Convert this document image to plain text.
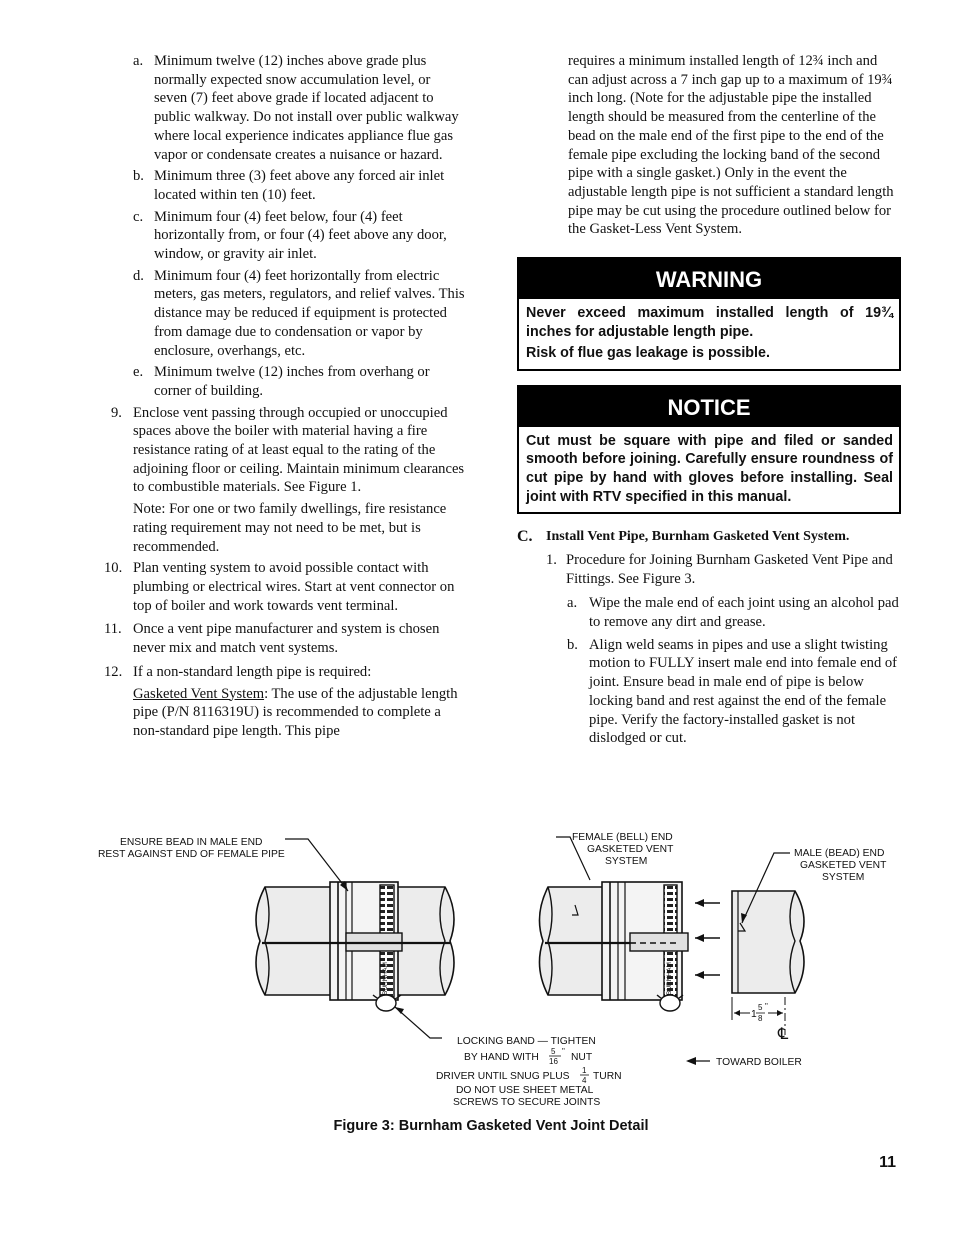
a. Minimum twelve (12) inches above grade plus normally expected snow accumulation level, or seven (7) feet above grade if located adjacent to public walkway. Do not install over public walkway where local experience indicates appliance flue gas vapor or condensate creates a nuisance or hazard.
b. Minimum three (3) feet above any forced air inlet located within ten (10) feet.
c. Minimum four (4) feet below, four (4) feet horizontally from, or four (4) feet above any door, window, or gravity air inlet.
d. Minimum four (4) feet horizontally from electric meters, gas meters, regulators, and relief valves. This distance may be reduced if equipment is protected from damage due to condensation or vapor by enclosure, overhangs, etc.
e. Minimum twelve (12) inches from overhang or corner of building.
9. Enclose vent passing through occupied or unoccupied spaces above the boiler with material having a fire resistance rating of at least equal to the rating of the adjoining floor or ceiling. Maintain minimum clearances to combustible materials. See Figure 1.
Note: For one or two family dwellings, fire resistance rating requirement may not need to be met, but is recommended.
10. Plan venting system to avoid possible contact with plumbing or electrical wires. Start at vent connector on top of boiler and work towards vent terminal.
11. Once a vent pipe manufacturer and system is chosen never mix and match vent systems.
12. If a non-standard length pipe is required:
Gasketed Vent System: The use of the adjustable length pipe (P/N 8116319U) is recommended to complete a non-standard pipe length. This pipe
requires a minimum installed length of 12¾ inch and can adjust across a 7 inch gap up to a maximum of 19¾ inch long. (Note for the adjustable pipe the installed length should be measured from the centerline of the bead on the male end of the first pipe to the end of the female pipe excluding the locking band of the second pipe with a single gasket.) Only in the event the adjustable length pipe is not sufficient a standard length pipe may be cut using the procedure outlined below for the Gasket-Less Vent System.
WARNING

Never exceed maximum installed length of 19¾ inches for adjustable length pipe.

Risk of flue gas leakage is possible.

NOTICE

Cut must be square with pipe and filed or sanded smooth before joining. Carefully ensure roundness of cut pipe by hand with gloves before installing. Seal joint with RTV specified in this manual.

C. Install Vent Pipe, Burnham Gasketed Vent System.
1. Procedure for Joining Burnham Gasketed Vent Pipe and Fittings. See Figure 3.
a. Wipe the male end of each joint using an alcohol pad to remove any dirt and grease.
b. Align weld seams in pipes and use a slight twisting motion to FULLY insert male end into female end of joint. Ensure bead in male end of pipe is below locking band and rest against the end of the female pipe. Verify the factory-installed gasket is not dislodged or cut.
ENSURE BEAD IN MALE END
REST AGAINST END OF FEMALE PIPE
FEMALE (BELL) END
GASKETED VENT
SYSTEM
MALE (BEAD) END
GASKETED VENT
SYSTEM
1
5
8
"
℄
LOCKING BAND — TIGHTEN
BY HAND WITH
5
16
"
NUT
DRIVER UNTIL SNUG PLUS
1
4 TURN
DO NOT USE SHEET METAL
SCREWS TO SECURE JOINTS
TOWARD BOILER
BURNHAM	BURNHAM
Figure 3: Burnham Gasketed Vent Joint Detail
11
